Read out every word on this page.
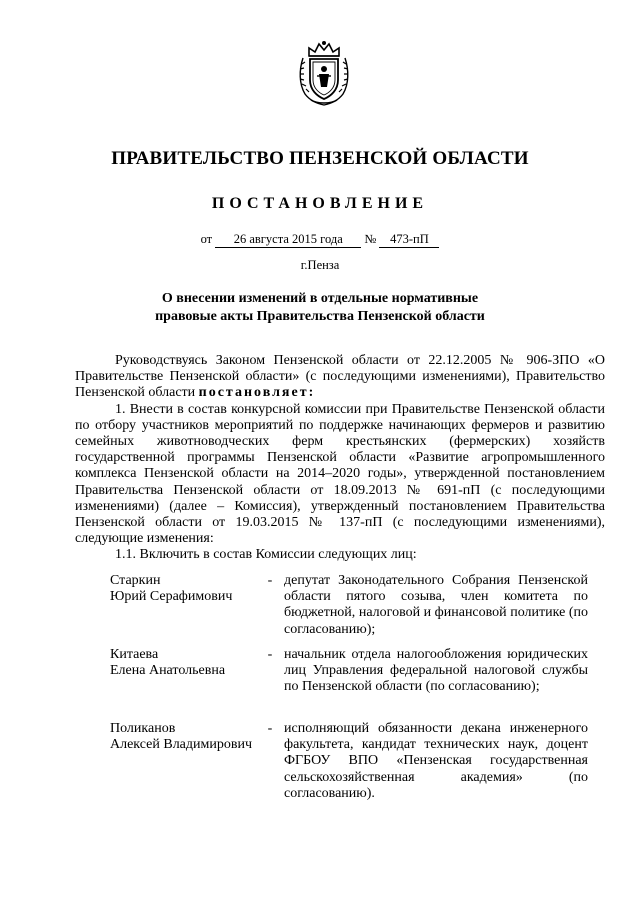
ПРАВИТЕЛЬСТВО ПЕНЗЕНСКОЙ ОБЛАСТИ
ПОСТАНОВЛЕНИЕ
от 26 августа 2015 года № 473-пП
г.Пенза
О внесении изменений в отдельные нормативные
правовые акты Правительства Пензенской области

Руководствуясь Законом Пензенской области от 22.12.2005 № 906-ЗПО «О Правительстве Пензенской области» (с последующими изменениями), Правительство Пензенской области постановляет:

1. Внести в состав конкурсной комиссии при Правительстве Пензенской области по отбору участников мероприятий по поддержке начинающих фермеров и развитию семейных животноводческих ферм крестьянских (фермерских) хозяйств государственной программы Пензенской области «Развитие агропромышленного комплекса Пензенской области на 2014–2020 годы», утвержденной постановлением Правительства Пензенской области от 18.09.2013 № 691-пП (с последующими изменениями) (далее – Комиссия), утвержденный постановлением Правительства Пензенской области от 19.03.2015 № 137-пП (с последующими изменениями), следующие изменения:

1.1. Включить в состав Комиссии следующих лиц:

Старкин
Юрий Серафимович
- депутат Законодательного Собрания Пензенской области пятого созыва, член комитета по бюджетной, налоговой и финансовой политике (по согласованию);
Китаева
Елена Анатольевна
- начальник отдела налогообложения юридических лиц Управления федеральной налоговой службы по Пензенской области (по согласованию);
Поликанов
Алексей Владимирович
- исполняющий обязанности декана инженерного факультета, кандидат технических наук, доцент ФГБОУ ВПО «Пензенская государственная сельскохозяйственная академия» (по согласованию).
